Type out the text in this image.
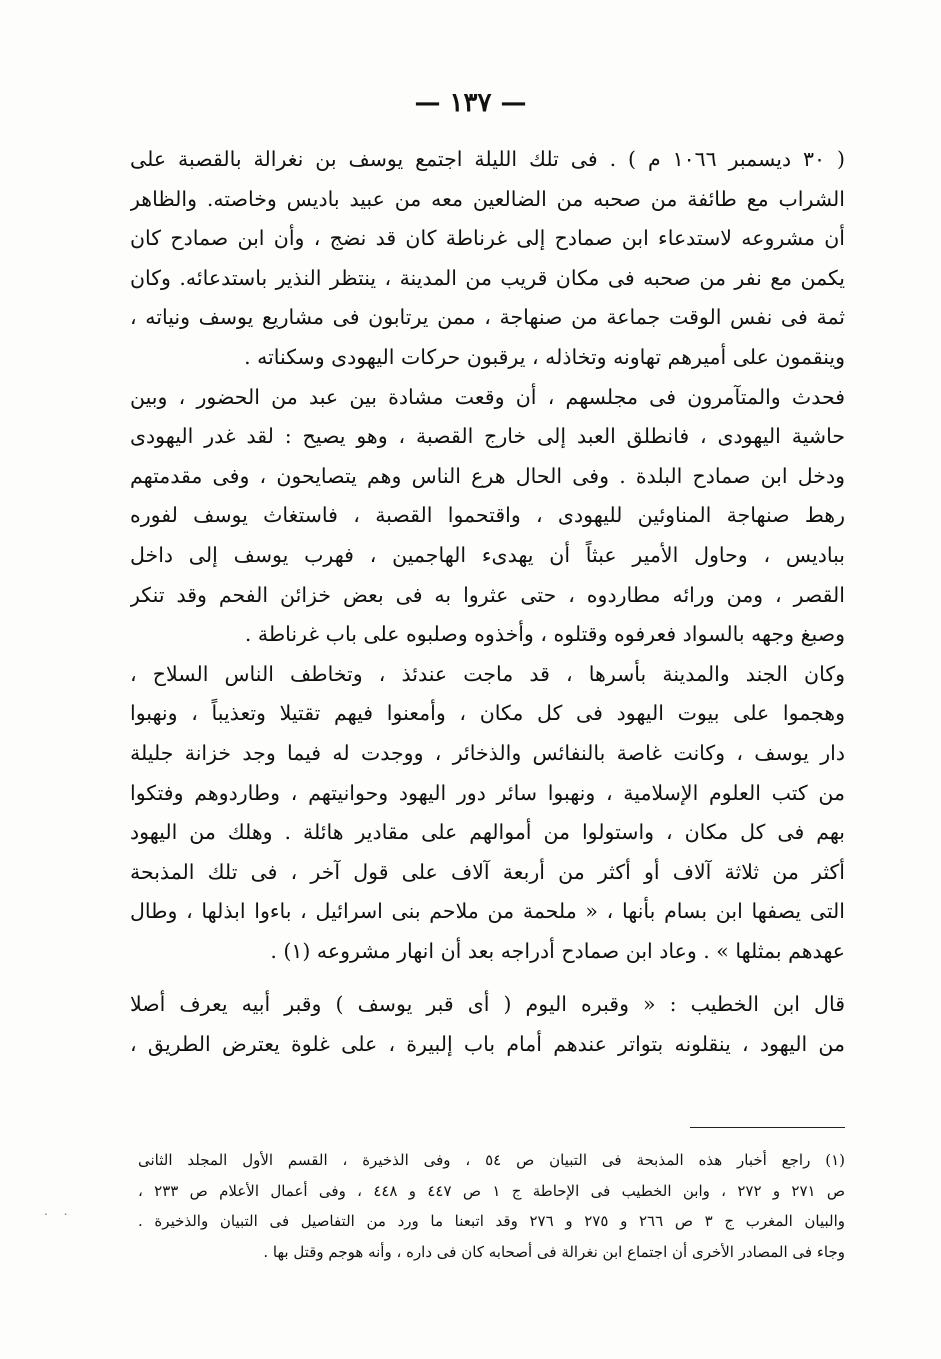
— ١٣٧ —
( ٣٠ ديسمبر ١٠٦٦ م ) . فى تلك الليلة اجتمع يوسف بن نغرالة بالقصبة على
الشراب مع طائفة من صحبه من الضالعين معه من عبيد باديس وخاصته. والظاهر
أن مشروعه لاستدعاء ابن صمادح إلى غرناطة كان قد نضج ، وأن ابن صمادح كان
يكمن مع نفر من صحبه فى مكان قريب من المدينة ، ينتظر النذير باستدعائه. وكان
ثمة فى نفس الوقت جماعة من صنهاجة ، ممن يرتابون فى مشاريع يوسف ونياته ،
وينقمون على أميرهم تهاونه وتخاذله ، يرقبون حركات اليهودى وسكناته .
فحدث والمتآمرون فى مجلسهم ، أن وقعت مشادة بين عبد من الحضور ، وبين
حاشية اليهودى ، فانطلق العبد إلى خارج القصبة ، وهو يصيح : لقد غدر اليهودى
ودخل ابن صمادح البلدة . وفى الحال هرع الناس وهم يتصايحون ، وفى مقدمتهم
رهط صنهاجة المناوئين لليهودى ، واقتحموا القصبة ، فاستغاث يوسف لفوره
بباديس ، وحاول الأمير عبثاً أن يهدىء الهاجمين ، فهرب يوسف إلى داخل
القصر ، ومن ورائه مطاردوه ، حتى عثروا به فى بعض خزائن الفحم وقد تنكر
وصبغ وجهه بالسواد فعرفوه وقتلوه ، وأخذوه وصلبوه على باب غرناطة .
وكان الجند والمدينة بأسرها ، قد ماجت عندئذ ، وتخاطف الناس السلاح ،
وهجموا على بيوت اليهود فى كل مكان ، وأمعنوا فيهم تقتيلا وتعذيباً ، ونهبوا
دار يوسف ، وكانت غاصة بالنفائس والذخائر ، ووجدت له فيما وجد خزانة جليلة
من كتب العلوم الإسلامية ، ونهبوا سائر دور اليهود وحوانيتهم ، وطاردوهم وفتكوا
بهم فى كل مكان ، واستولوا من أموالهم على مقادير هائلة . وهلك من اليهود
أكثر من ثلاثة آلاف أو أكثر من أربعة آلاف على قول آخر ، فى تلك المذبحة
التى يصفها ابن بسام بأنها ، « ملحمة من ملاحم بنى اسرائيل ، باءوا ابذلها ، وطال
عهدهم بمثلها » . وعاد ابن صمادح أدراجه بعد أن انهار مشروعه (١) .
قال ابن الخطيب : « وقبره اليوم ( أى قبر يوسف ) وقبر أبيه يعرف أصلا
من اليهود ، ينقلونه بتواتر عندهم أمام باب إلبيرة ، على غلوة يعترض الطريق ،
(١) راجع أخبار هذه المذبحة فى التبيان ص ٥٤ ، وفى الذخيرة ، القسم الأول المجلد الثانى
ص ٢٧١ و ٢٧٢ ، وابن الخطيب فى الإحاطة ج ١ ص ٤٤٧ و ٤٤٨ ، وفى أعمال الأعلام ص ٢٣٣ ،
والبيان المغرب ج ٣ ص ٢٦٦ و ٢٧٥ و ٢٧٦ وقد اتبعنا ما ورد من التفاصيل فى التبيان والذخيرة .
وجاء فى المصادر الأخرى أن اجتماع ابن نغرالة فى أصحابه كان فى داره ، وأنه هوجم وقتل بها .
. .
